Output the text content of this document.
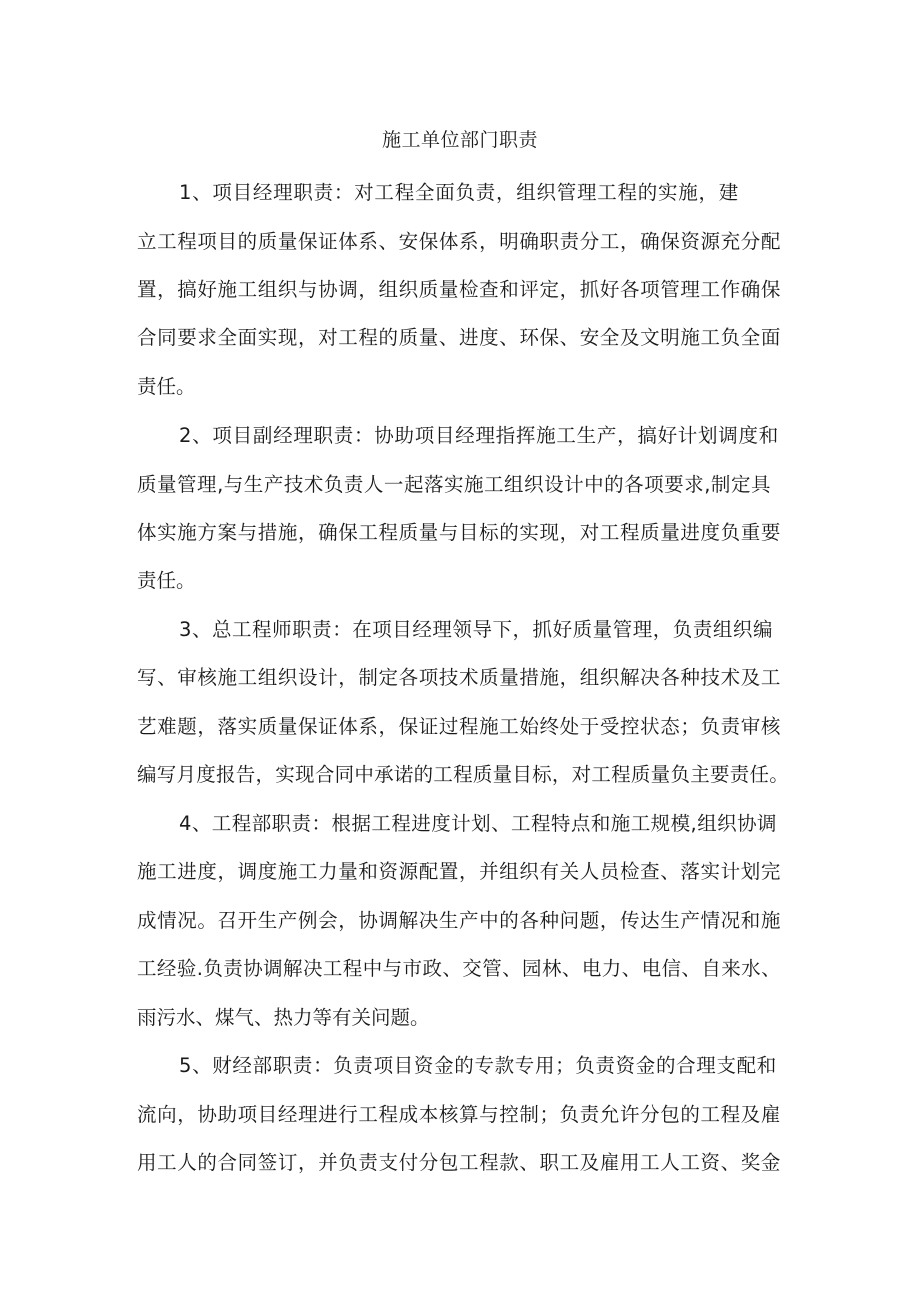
施工单位部门职责
1、项目经理职责：对工程全面负责，组织管理工程的实施，建
立工程项目的质量保证体系、安保体系，明确职责分工，确保资源充分配
置，搞好施工组织与协调，组织质量检查和评定，抓好各项管理工作确保
合同要求全面实现，对工程的质量、进度、环保、安全及文明施工负全面
责任。
2、项目副经理职责：协助项目经理指挥施工生产，搞好计划调度和
质量管理,与生产技术负责人一起落实施工组织设计中的各项要求,制定具
体实施方案与措施，确保工程质量与目标的实现，对工程质量进度负重要
责任。
3、总工程师职责：在项目经理领导下，抓好质量管理，负责组织编
写、审核施工组织设计，制定各项技术质量措施，组织解决各种技术及工
艺难题，落实质量保证体系，保证过程施工始终处于受控状态；负责审核
编写月度报告，实现合同中承诺的工程质量目标，对工程质量负主要责任。
4、工程部职责：根据工程进度计划、工程特点和施工规模,组织协调
施工进度，调度施工力量和资源配置，并组织有关人员检查、落实计划完
成情况。召开生产例会，协调解决生产中的各种问题，传达生产情况和施
工经验.负责协调解决工程中与市政、交管、园林、电力、电信、自来水、
雨污水、煤气、热力等有关问题。
5、财经部职责：负责项目资金的专款专用；负责资金的合理支配和
流向，协助项目经理进行工程成本核算与控制；负责允许分包的工程及雇
用工人的合同签订，并负责支付分包工程款、职工及雇用工人工资、奖金
